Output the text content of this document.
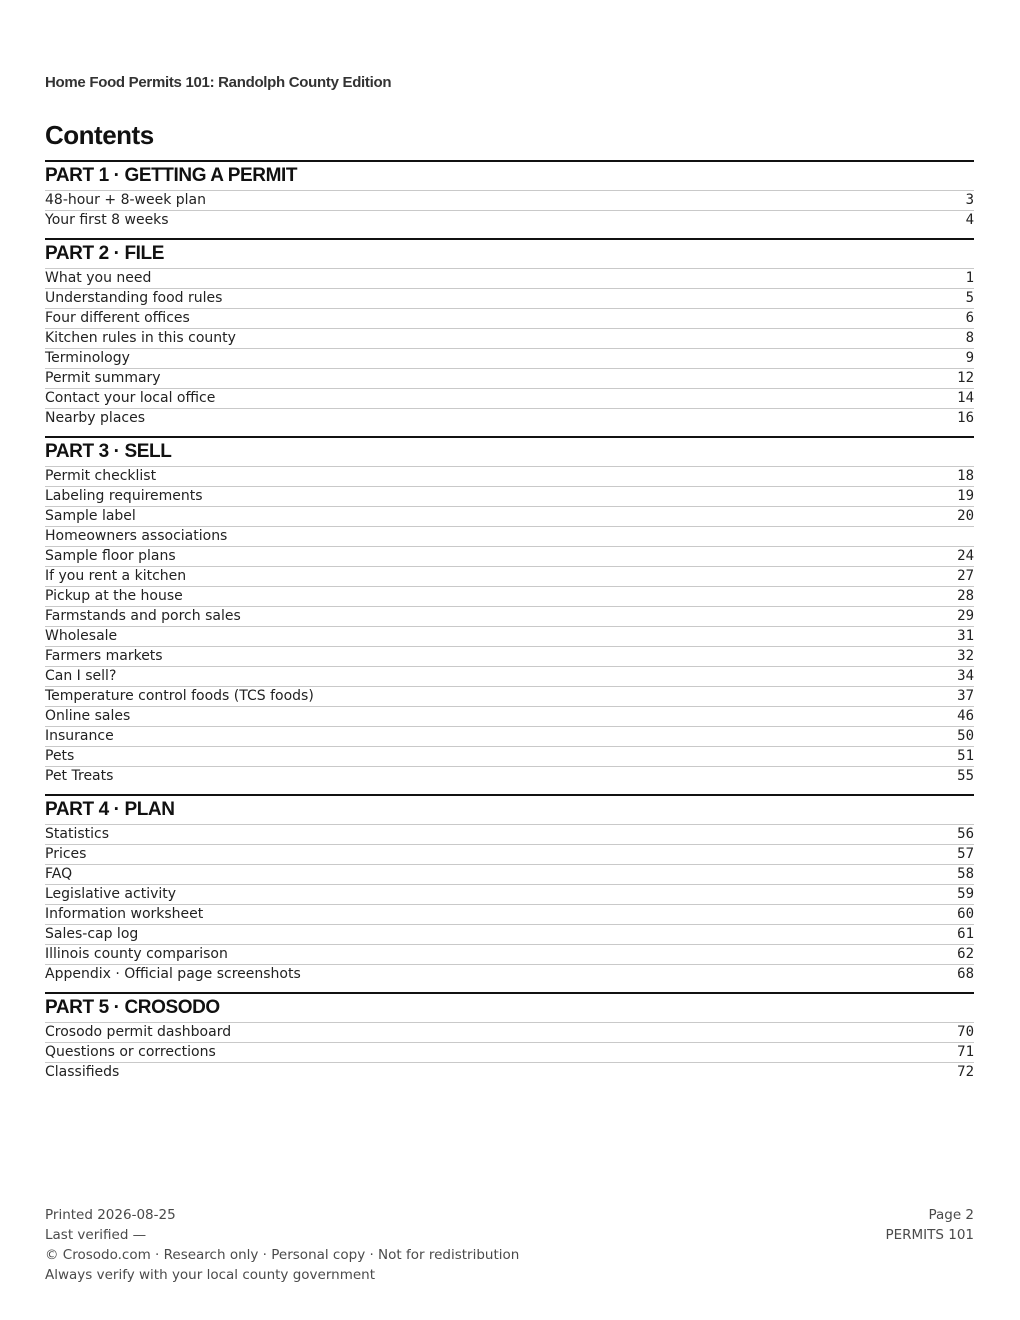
Home Food Permits 101: Randolph County Edition
Contents
PART 1 · GETTING A PERMIT
48-hour + 8-week plan	3
Your first 8 weeks	4
PART 2 · FILE
What you need	1
Understanding food rules	5
Four different offices	6
Kitchen rules in this county	8
Terminology	9
Permit summary	12
Contact your local office	14
Nearby places	16
PART 3 · SELL
Permit checklist	18
Labeling requirements	19
Sample label	20
Homeowners associations
Sample floor plans	24
If you rent a kitchen	27
Pickup at the house	28
Farmstands and porch sales	29
Wholesale	31
Farmers markets	32
Can I sell?	34
Temperature control foods (TCS foods)	37
Online sales	46
Insurance	50
Pets	51
Pet Treats	55
PART 4 · PLAN
Statistics	56
Prices	57
FAQ	58
Legislative activity	59
Information worksheet	60
Sales-cap log	61
Illinois county comparison	62
Appendix · Official page screenshots	68
PART 5 · CROSODO
Crosodo permit dashboard	70
Questions or corrections	71
Classifieds	72
Printed 2026-08-25
Last verified —
© Crosodo.com · Research only · Personal copy · Not for redistribution
Always verify with your local county government
Page 2
PERMITS 101
